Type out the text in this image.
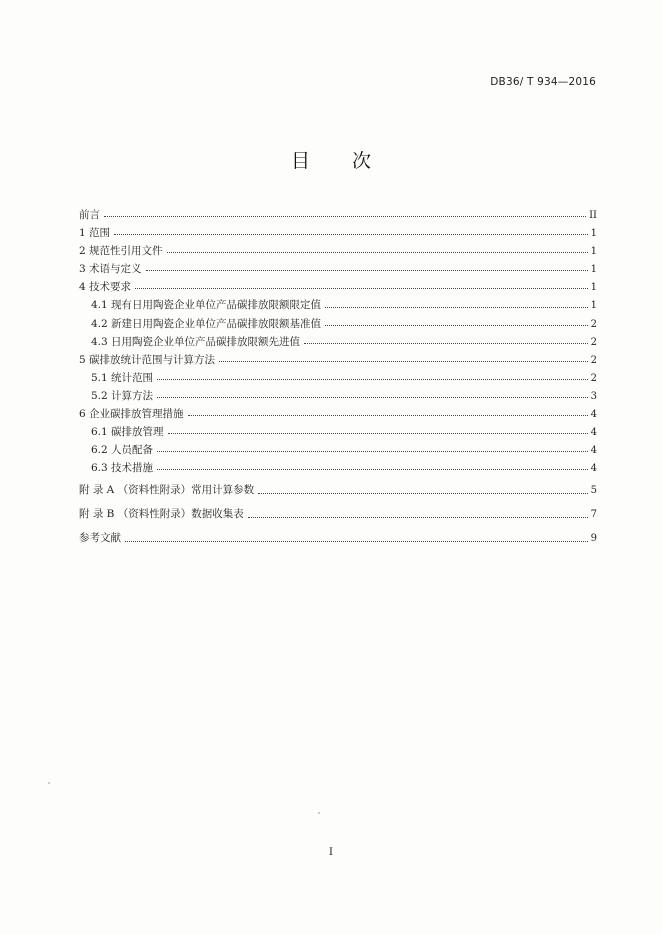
DB36/ T 934—2016
目 次
前言	II
1 范围	1
2 规范性引用文件	1
3 术语与定义	1
4 技术要求	1
4.1 现有日用陶瓷企业单位产品碳排放限额限定值	1
4.2 新建日用陶瓷企业单位产品碳排放限额基准值	2
4.3 日用陶瓷企业单位产品碳排放限额先进值	2
5 碳排放统计范围与计算方法	2
5.1 统计范围	2
5.2 计算方法	3
6 企业碳排放管理措施	4
6.1 碳排放管理	4
6.2 人员配备	4
6.3 技术措施	4
附 录 A （资料性附录）常用计算参数	5
附 录 B （资料性附录）数据收集表	7
参考文献	9
I
